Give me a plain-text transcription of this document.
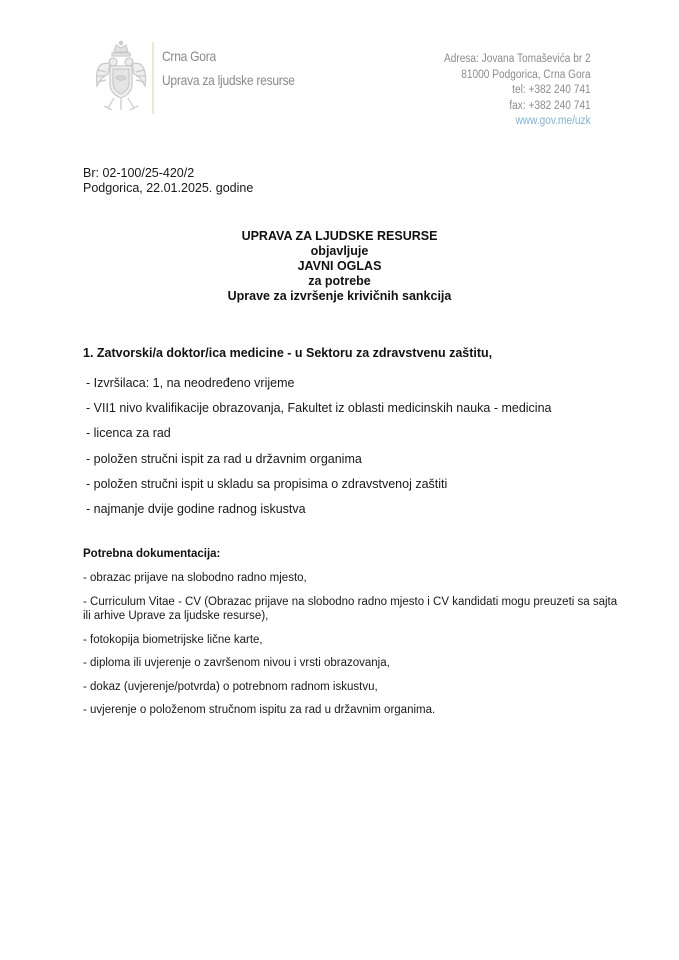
Crna Gora
Uprava za ljudske resurse
Adresa: Jovana Tomaševića br 2
81000 Podgorica, Crna Gora
tel: +382 240 741
fax: +382 240 741
www.gov.me/uzk
Br: 02-100/25-420/2
Podgorica, 22.01.2025. godine
UPRAVA ZA LJUDSKE RESURSE
objavljuje
JAVNI OGLAS
za potrebe
Uprave za izvršenje krivičnih sankcija
1. Zatvorski/a doktor/ica medicine - u Sektoru za zdravstvenu zaštitu,
- Izvršilaca: 1, na neodređeno vrijeme
- VII1 nivo kvalifikacije obrazovanja, Fakultet iz oblasti medicinskih nauka - medicina
- licenca za rad
- položen stručni ispit za rad u državnim organima
- položen stručni ispit u skladu sa propisima o zdravstvenoj zaštiti
- najmanje dvije godine radnog iskustva
Potrebna dokumentacija:
- obrazac prijave na slobodno radno mjesto,
- Curriculum Vitae - CV (Obrazac prijave na slobodno radno mjesto i CV kandidati mogu preuzeti sa sajta ili arhive Uprave za ljudske resurse),
- fotokopija biometrijske lične karte,
- diploma ili uvjerenje o završenom nivou i vrsti obrazovanja,
- dokaz (uvjerenje/potvrda) o potrebnom radnom iskustvu,
- uvjerenje o položenom stručnom ispitu za rad u državnim organima.
